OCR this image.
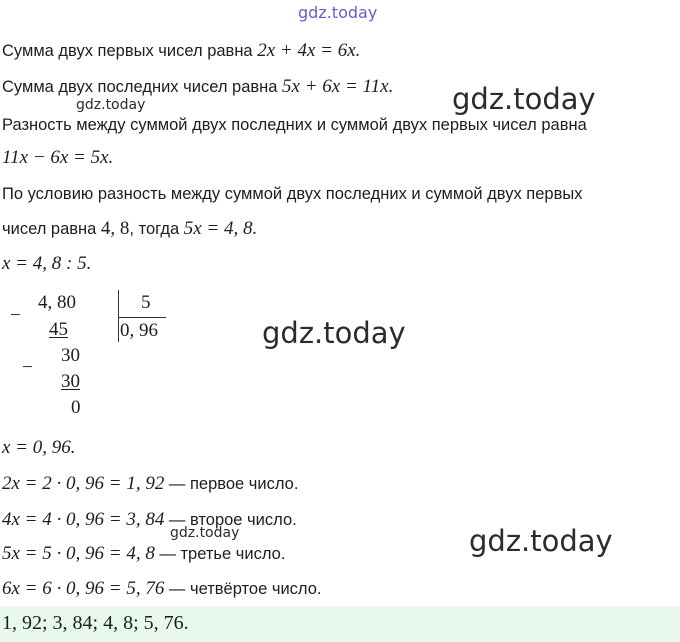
gdz.today
Сумма двух первых чисел равна 2x + 4x = 6x.
Сумма двух последних чисел равна 5x + 6x = 11x.
gdz.today	gdz.today
Разность между суммой двух последних и суммой двух первых чисел равна
11x − 6x = 5x.
По условию разность между суммой двух последних и суммой двух первых
чисел равна 4, 8, тогда 5x = 4, 8.
x = 4, 8 : 5.
−
4, 80
45
−
30
30
0
5
0, 96	gdz.today
x = 0, 96.
2x = 2 · 0, 96 = 1, 92 — первое число.
4x = 4 · 0, 96 = 3, 84 — второе число.
gdz.today	gdz.today
5x = 5 · 0, 96 = 4, 8 — третье число.
6x = 6 · 0, 96 = 5, 76 — четвёртое число.
1, 92; 3, 84; 4, 8; 5, 76.
